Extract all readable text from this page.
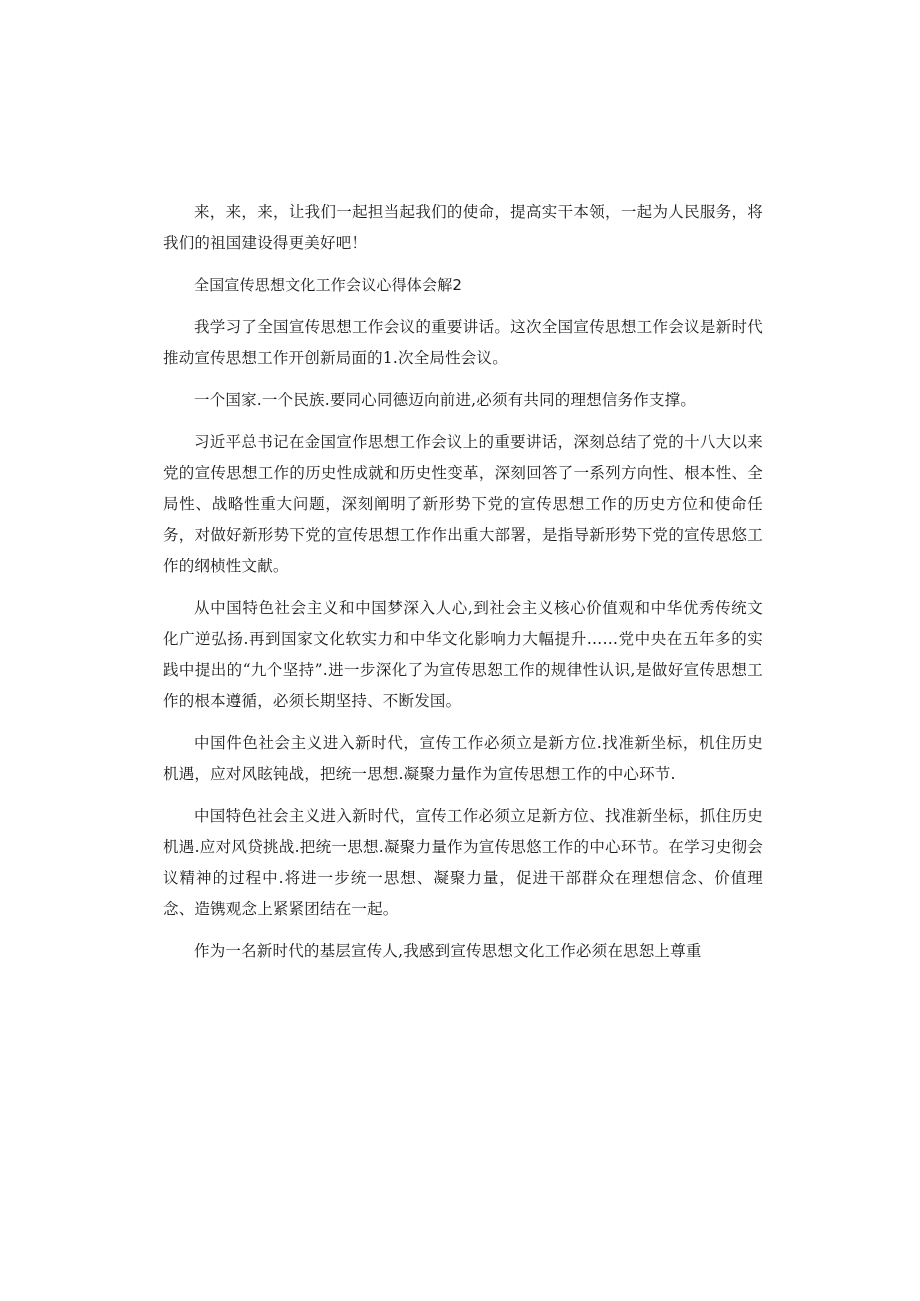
来，来，来，让我们一起担当起我们的使命，提高实干本领，一起为人民服务，将我们的祖国建设得更美好吧！

全国宣传思想文化工作会议心得体会解2

我学习了全国宣传思想工作会议的重要讲话。这次全国宣传思想工作会议是新时代推动宣传思想工作开创新局面的1.次全局性会议。

一个国家.一个民族.要同心同德迈向前进,必须有共同的理想信务作支撑。

习近平总书记在金国宣作思想工作会议上的重要讲话，深刻总结了党的十八大以来党的宣传思想工作的历史性成就和历史性变革，深刻回答了一系列方向性、根本性、全局性、战略性重大问题，深刻阐明了新形势下党的宣传思想工作的历史方位和使命任务，对做好新形势下党的宣传思想工作作出重大部署，是指导新形势下党的宣传思悠工作的纲桢性文献。

从中国特色社会主义和中国梦深入人心,到社会主义核心价值观和中华优秀传统文化广逆弘扬.再到国家文化软实力和中华文化影响力大幅提升……党中央在五年多的实践中提出的“九个坚持”.进一步深化了为宣传思恕工作的规律性认识,是做好宣传思想工作的根本遵循，必须长期坚持、不断发国。

中国件色社会主义进入新时代，宣传工作必须立是新方位.找准新坐标，机住历史机遇，应对风眩钝战，把统一思想.凝聚力量作为宣传思想工作的中心环节.

中国特色社会主义进入新时代，宣传工作必须立足新方位、找准新坐标，抓住历史机遇.应对风贷挑战.把统一思想.凝聚力量作为宣传思悠工作的中心环节。在学习史彻会议精神的过程中.将进一步统一思想、凝聚力量，促进干部群众在理想信念、价值理念、造镌观念上紧紧团结在一起。

作为一名新时代的基层宣传人,我感到宣传思想文化工作必须在思恕上尊重
